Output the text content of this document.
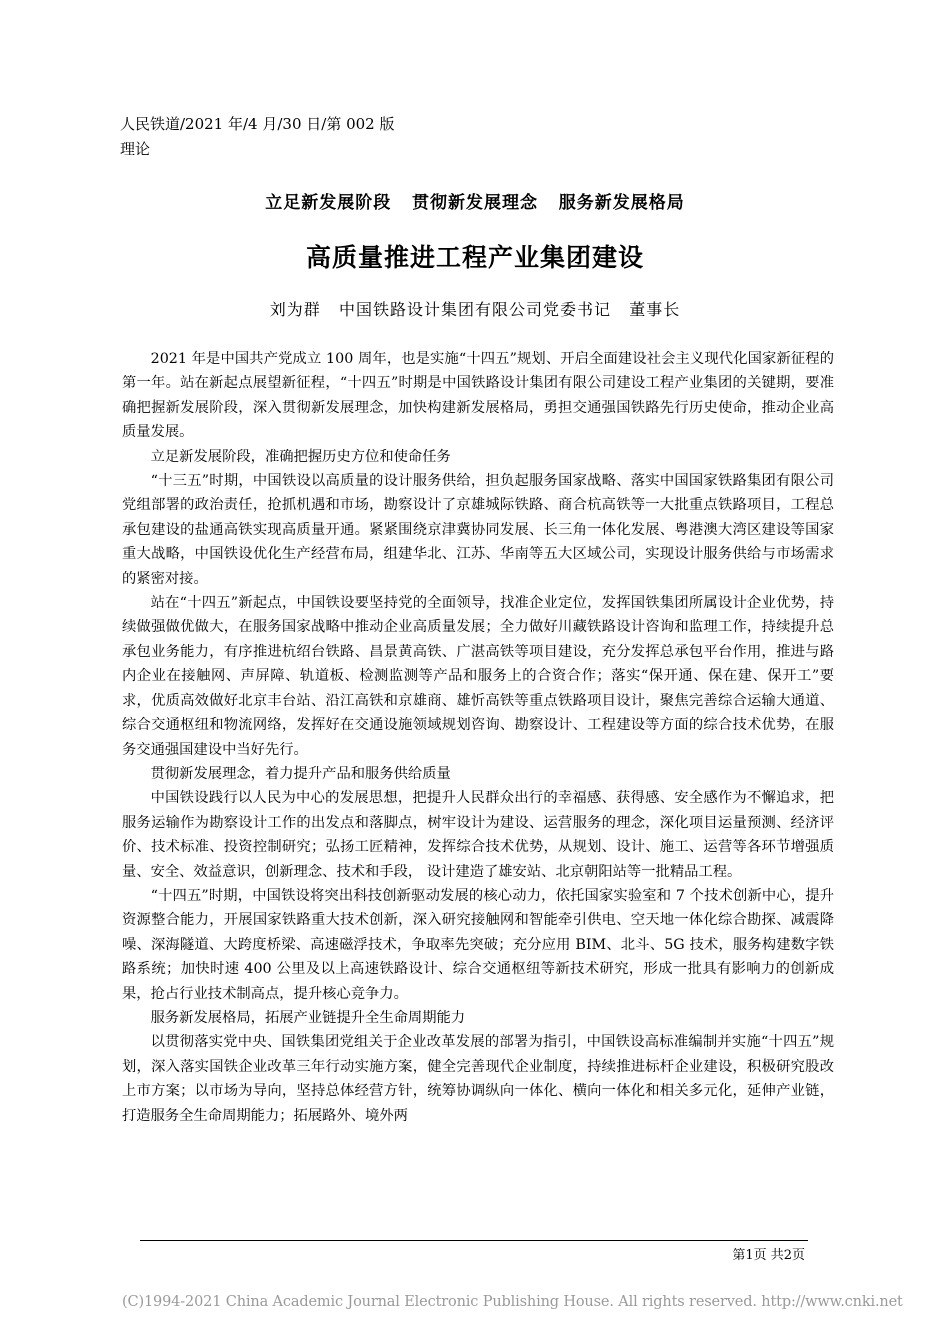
人民铁道/2021 年/4 月/30 日/第 002 版
理论
立足新发展阶段   贯彻新发展理念   服务新发展格局
高质量推进工程产业集团建设
刘为群   中国铁路设计集团有限公司党委书记   董事长

2021 年是中国共产党成立 100 周年，也是实施“十四五”规划、开启全面建设社会主义现代化国家新征程的第一年。站在新起点展望新征程，“十四五”时期是中国铁路设计集团有限公司建设工程产业集团的关键期，要准确把握新发展阶段，深入贯彻新发展理念，加快构建新发展格局，勇担交通强国铁路先行历史使命，推动企业高质量发展。

立足新发展阶段，准确把握历史方位和使命任务

“十三五”时期，中国铁设以高质量的设计服务供给，担负起服务国家战略、落实中国国家铁路集团有限公司党组部署的政治责任，抢抓机遇和市场，勘察设计了京雄城际铁路、商合杭高铁等一大批重点铁路项目，工程总承包建设的盐通高铁实现高质量开通。紧紧围绕京津冀协同发展、长三角一体化发展、粤港澳大湾区建设等国家重大战略，中国铁设优化生产经营布局，组建华北、江苏、华南等五大区域公司，实现设计服务供给与市场需求的紧密对接。

站在“十四五”新起点，中国铁设要坚持党的全面领导，找准企业定位，发挥国铁集团所属设计企业优势，持续做强做优做大，在服务国家战略中推动企业高质量发展；全力做好川藏铁路设计咨询和监理工作，持续提升总承包业务能力，有序推进杭绍台铁路、昌景黄高铁、广湛高铁等项目建设，充分发挥总承包平台作用，推进与路内企业在接触网、声屏障、轨道板、检测监测等产品和服务上的合资合作；落实“保开通、保在建、保开工”要求，优质高效做好北京丰台站、沿江高铁和京雄商、雄忻高铁等重点铁路项目设计，聚焦完善综合运输大通道、综合交通枢纽和物流网络，发挥好在交通设施领域规划咨询、勘察设计、工程建设等方面的综合技术优势，在服务交通强国建设中当好先行。

贯彻新发展理念，着力提升产品和服务供给质量

中国铁设践行以人民为中心的发展思想，把提升人民群众出行的幸福感、获得感、安全感作为不懈追求，把服务运输作为勘察设计工作的出发点和落脚点，树牢设计为建设、运营服务的理念，深化项目运量预测、经济评价、技术标准、投资控制研究；弘扬工匠精神，发挥综合技术优势，从规划、设计、施工、运营等各环节增强质量、安全、效益意识，创新理念、技术和手段， 设计建造了雄安站、北京朝阳站等一批精品工程。

“十四五”时期，中国铁设将突出科技创新驱动发展的核心动力，依托国家实验室和 7 个技术创新中心，提升资源整合能力，开展国家铁路重大技术创新，深入研究接触网和智能牵引供电、空天地一体化综合勘探、减震降噪、深海隧道、大跨度桥梁、高速磁浮技术，争取率先突破；充分应用 BIM、北斗、5G 技术，服务构建数字铁路系统；加快时速 400 公里及以上高速铁路设计、综合交通枢纽等新技术研究，形成一批具有影响力的创新成果，抢占行业技术制高点，提升核心竞争力。

服务新发展格局，拓展产业链提升全生命周期能力

以贯彻落实党中央、国铁集团党组关于企业改革发展的部署为指引，中国铁设高标准编制并实施“十四五”规划，深入落实国铁企业改革三年行动实施方案，健全完善现代企业制度，持续推进标杆企业建设，积极研究股改上市方案；以市场为导向，坚持总体经营方针，统筹协调纵向一体化、横向一体化和相关多元化，延伸产业链，打造服务全生命周期能力；拓展路外、境外两

第1页 共2页
(C)1994-2021 China Academic Journal Electronic Publishing House. All rights reserved. http://www.cnki.net
